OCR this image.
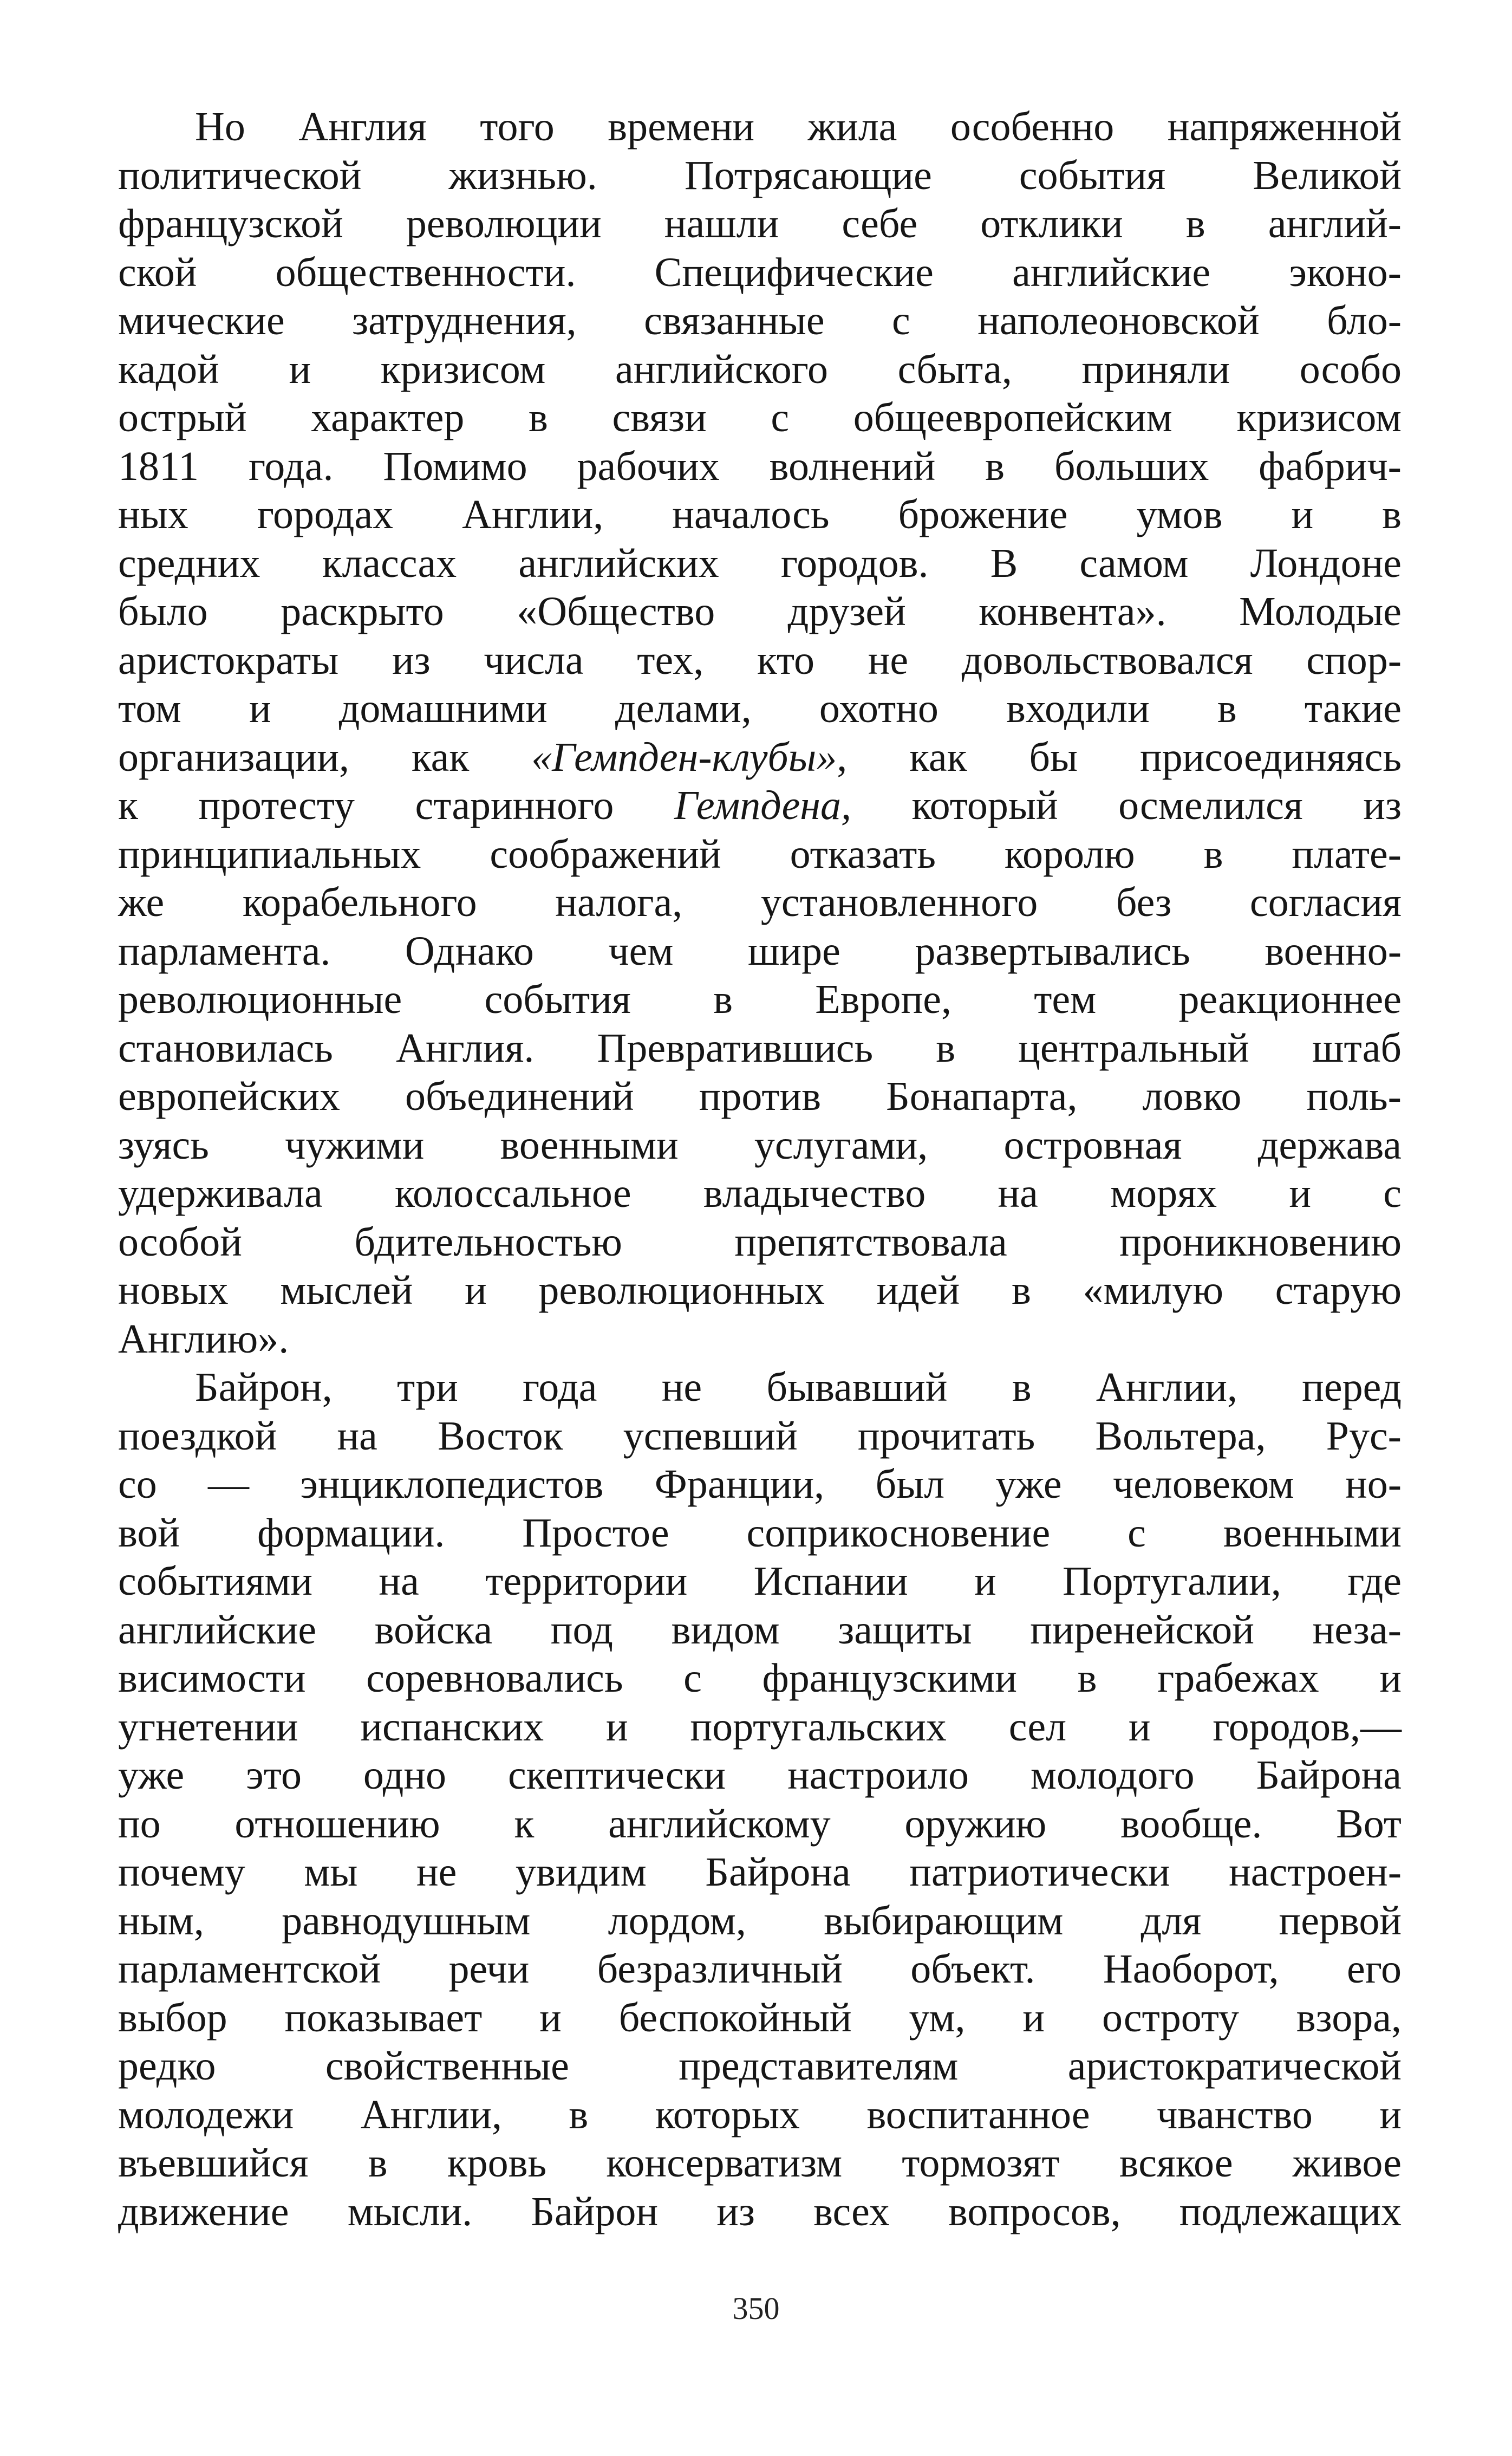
Но Англия того времени жила особенно напряженной
политической жизнью. Потрясающие события Великой
французской революции нашли себе отклики в англий-
ской общественности. Специфические английские эконо-
мические затруднения, связанные с наполеоновской бло-
кадой и кризисом английского сбыта, приняли особо
острый характер в связи с общеевропейским кризисом
1811 года. Помимо рабочих волнений в больших фабрич-
ных городах Англии, началось брожение умов и в
средних классах английских городов. В самом Лондоне
было раскрыто «Общество друзей конвента». Молодые
аристократы из числа тех, кто не довольствовался спор-
том и домашними делами, охотно входили в такие
организации, как «Гемпден-клубы», как бы присоединяясь
к протесту старинного Гемпдена, который осмелился из
принципиальных соображений отказать королю в плате-
же корабельного налога, установленного без согласия
парламента. Однако чем шире развертывались военно-
революционные события в Европе, тем реакционнее
становилась Англия. Превратившись в центральный штаб
европейских объединений против Бонапарта, ловко поль-
зуясь чужими военными услугами, островная держава
удерживала колоссальное владычество на морях и с
особой бдительностью препятствовала проникновению
новых мыслей и революционных идей в «милую старую
Англию».
Байрон, три года не бывавший в Англии, перед
поездкой на Восток успевший прочитать Вольтера, Рус-
со — энциклопедистов Франции, был уже человеком но-
вой формации. Простое соприкосновение с военными
событиями на территории Испании и Португалии, где
английские войска под видом защиты пиренейской неза-
висимости соревновались с французскими в грабежах и
угнетении испанских и португальских сел и городов,—
уже это одно скептически настроило молодого Байрона
по отношению к английскому оружию вообще. Вот
почему мы не увидим Байрона патриотически настроен-
ным, равнодушным лордом, выбирающим для первой
парламентской речи безразличный объект. Наоборот, его
выбор показывает и беспокойный ум, и остроту взора,
редко свойственные представителям аристократической
молодежи Англии, в которых воспитанное чванство и
въевшийся в кровь консерватизм тормозят всякое живое
движение мысли. Байрон из всех вопросов, подлежащих
350
